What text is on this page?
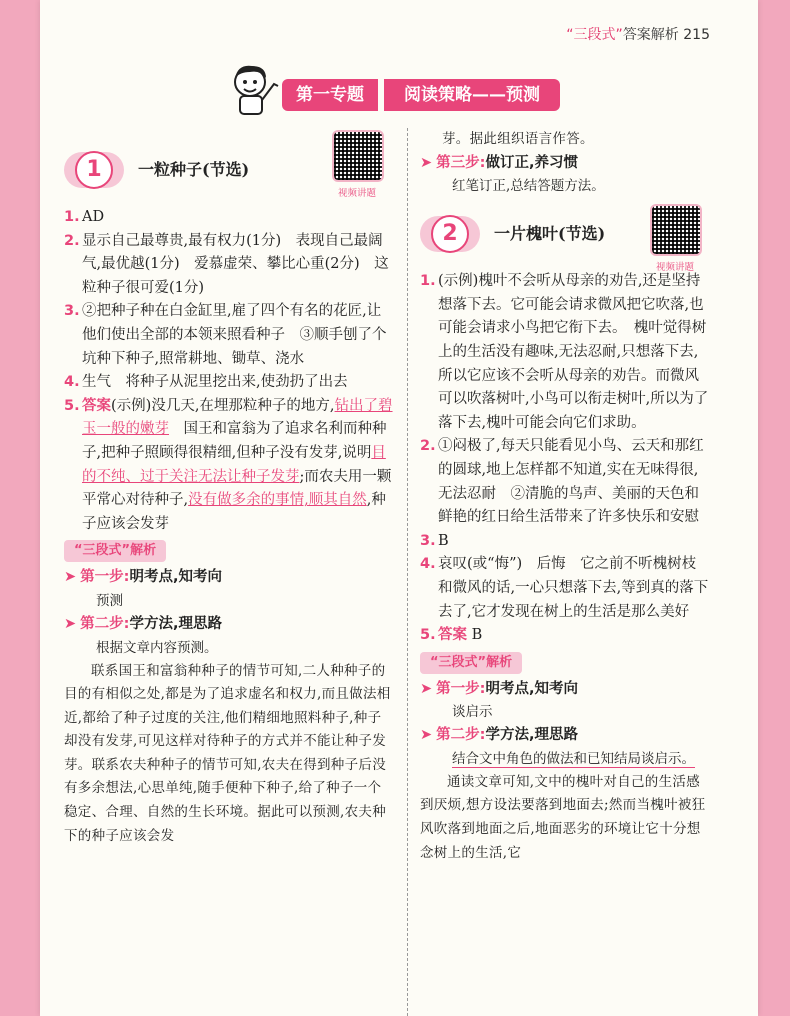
“三段式”答案解析 215
第一专题	阅读策略——预测
1	一粒种子(节选)
视频讲题
1. AD
2. 显示自己最尊贵,最有权力(1分)　表现自己最阔气,最优越(1分)　爱慕虚荣、攀比心重(2分)　这粒种子很可爱(1分)
3. ②把种子种在白金缸里,雇了四个有名的花匠,让他们使出全部的本领来照看种子　③顺手刨了个坑种下种子,照常耕地、锄草、浇水
4. 生气　将种子从泥里挖出来,使劲扔了出去
5. 答案(示例)没几天,在埋那粒种子的地方,钻出了碧玉一般的嫩芽　国王和富翁为了追求名利而种种子,把种子照顾得很精细,但种子没有发芽,说明目的不纯、过于关注无法让种子发芽;而农夫用一颗平常心对待种子,没有做多余的事情,顺其自然,种子应该会发芽
“三段式”解析
➤ 第一步:明考点,知考向
预测
➤ 第二步:学方法,理思路
根据文章内容预测。
联系国王和富翁种种子的情节可知,二人种种子的目的有相似之处,都是为了追求虚名和权力,而且做法相近,都给了种子过度的关注,他们精细地照料种子,种子却没有发芽,可见这样对待种子的方式并不能让种子发芽。联系农夫种种子的情节可知,农夫在得到种子后没有多余想法,心思单纯,随手便种下种子,给了种子一个稳定、合理、自然的生长环境。据此可以预测,农夫种下的种子应该会发
芽。据此组织语言作答。
➤ 第三步:做订正,养习惯
红笔订正,总结答题方法。
2	一片槐叶(节选)
视频讲题
1. (示例)槐叶不会听从母亲的劝告,还是坚持想落下去。它可能会请求微风把它吹落,也可能会请求小鸟把它衔下去。　槐叶觉得树上的生活没有趣味,无法忍耐,只想落下去,所以它应该不会听从母亲的劝告。而微风可以吹落树叶,小鸟可以衔走树叶,所以为了落下去,槐叶可能会向它们求助。
2. ①闷极了,每天只能看见小鸟、云天和那红的圆球,地上怎样都不知道,实在无味得很,无法忍耐　②清脆的鸟声、美丽的天色和鲜艳的红日给生活带来了许多快乐和安慰
3. B
4. 哀叹(或“悔”)　后悔　它之前不听槐树枝和微风的话,一心只想落下去,等到真的落下去了,它才发现在树上的生活是那么美好
5. 答案 B
“三段式”解析
➤ 第一步:明考点,知考向
谈启示
➤ 第二步:学方法,理思路
结合文中角色的做法和已知结局谈启示。
通读文章可知,文中的槐叶对自己的生活感到厌烦,想方设法要落到地面去;然而当槐叶被狂风吹落到地面之后,地面恶劣的环境让它十分想念树上的生活,它
